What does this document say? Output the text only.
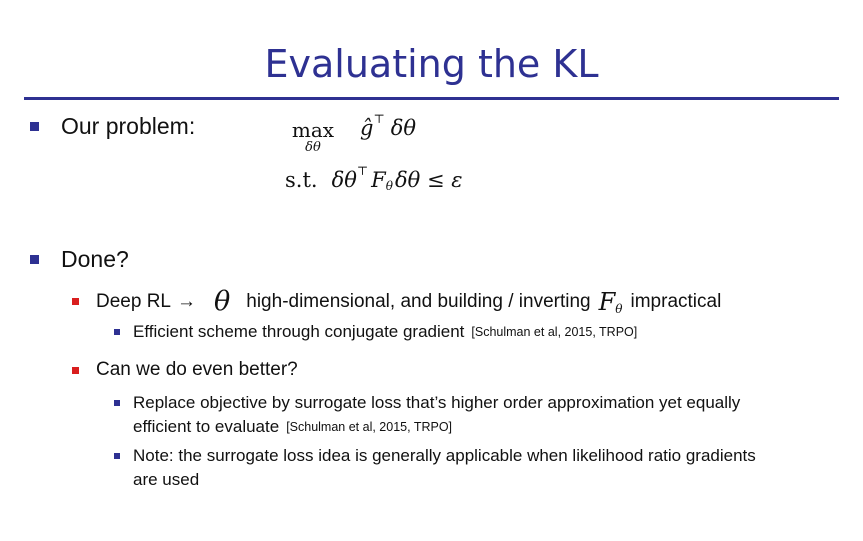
Evaluating the KL
Our problem:	max
δθ
ĝ ⊤ δθ
s.t. δθ ⊤ F θ δθ ≤ ε
Done?
Deep RL → θ high-dimensional, and building / inverting F θ impractical
Efficient scheme through conjugate gradient [Schulman et al, 2015, TRPO]
Can we do even better?
Replace objective by surrogate loss that’s higher order approximation yet equally
efficient to evaluate [Schulman et al, 2015, TRPO]
Note: the surrogate loss idea is generally applicable when likelihood ratio gradients
are used
